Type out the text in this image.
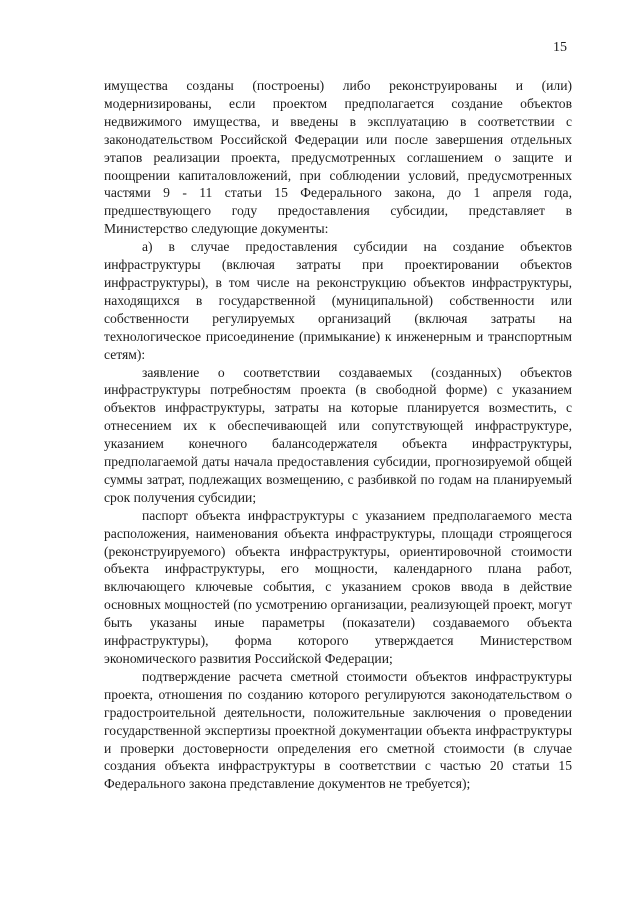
15

имущества созданы (построены) либо реконструированы и (или) модернизированы, если проектом предполагается создание объектов недвижимого имущества, и введены в эксплуатацию в соответствии с законодательством Российской Федерации или после завершения отдельных этапов реализации проекта, предусмотренных соглашением о защите и поощрении капиталовложений, при соблюдении условий, предусмотренных частями 9 - 11 статьи 15 Федерального закона, до 1 апреля года, предшествующего году предоставления субсидии, представляет в Министерство следующие документы:

а) в случае предоставления субсидии на создание объектов инфраструктуры (включая затраты при проектировании объектов инфраструктуры), в том числе на реконструкцию объектов инфраструктуры, находящихся в государственной (муниципальной) собственности или собственности регулируемых организаций (включая затраты на технологическое присоединение (примыкание) к инженерным и транспортным сетям):

заявление о соответствии создаваемых (созданных) объектов инфраструктуры потребностям проекта (в свободной форме) с указанием объектов инфраструктуры, затраты на которые планируется возместить, с отнесением их к обеспечивающей или сопутствующей инфраструктуре, указанием конечного балансодержателя объекта инфраструктуры, предполагаемой даты начала предоставления субсидии, прогнозируемой общей суммы затрат, подлежащих возмещению, с разбивкой по годам на планируемый срок получения субсидии;

паспорт объекта инфраструктуры с указанием предполагаемого места расположения, наименования объекта инфраструктуры, площади строящегося (реконструируемого) объекта инфраструктуры, ориентировочной стоимости объекта инфраструктуры, его мощности, календарного плана работ, включающего ключевые события, с указанием сроков ввода в действие основных мощностей (по усмотрению организации, реализующей проект, могут быть указаны иные параметры (показатели) создаваемого объекта инфраструктуры), форма которого утверждается Министерством экономического развития Российской Федерации;

подтверждение расчета сметной стоимости объектов инфраструктуры проекта, отношения по созданию которого регулируются законодательством о градостроительной деятельности, положительные заключения о проведении государственной экспертизы проектной документации объекта инфраструктуры и проверки достоверности определения его сметной стоимости (в случае создания объекта инфраструктуры в соответствии с частью 20 статьи 15 Федерального закона представление документов не требуется);
